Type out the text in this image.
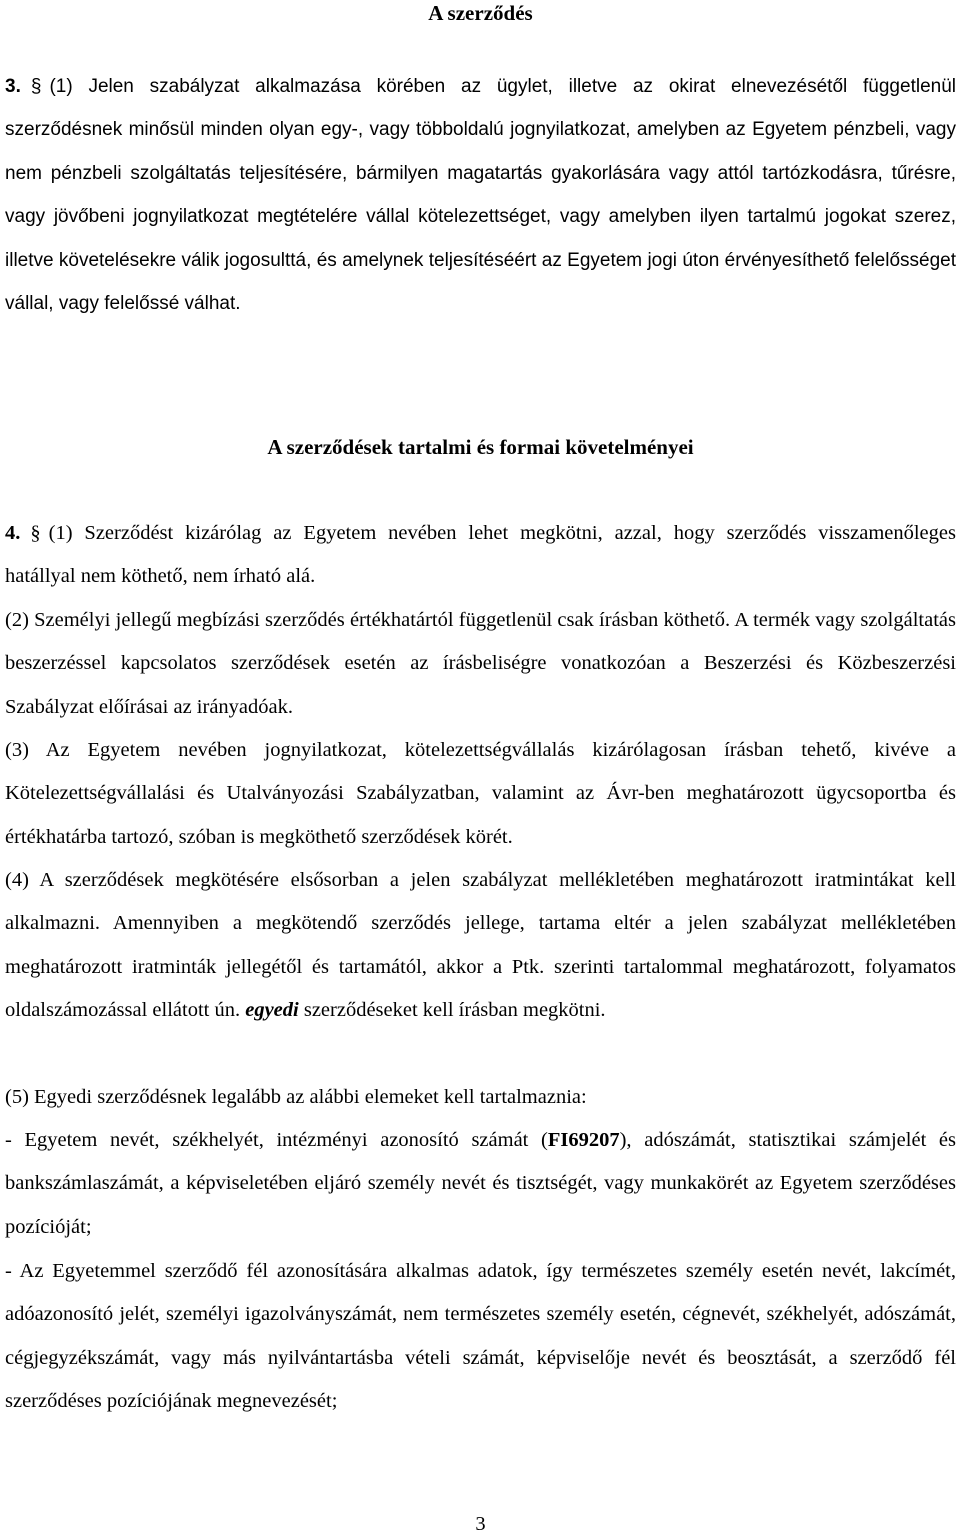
A szerződés

3. § (1) Jelen szabályzat alkalmazása körében az ügylet, illetve az okirat elnevezésétől függetlenül szerződésnek minősül minden olyan egy-, vagy többoldalú jognyilatkozat, amelyben az Egyetem pénzbeli, vagy nem pénzbeli szolgáltatás teljesítésére, bármilyen magatartás gyakorlására vagy attól tartózkodásra, tűrésre, vagy jövőbeni jognyilatkozat megtételére vállal kötelezettséget, vagy amelyben ilyen tartalmú jogokat szerez, illetve követelésekre válik jogosulttá, és amelynek teljesítéséért az Egyetem jogi úton érvényesíthető felelősséget vállal, vagy felelőssé válhat.

A szerződések tartalmi és formai követelményei

4. § (1) Szerződést kizárólag az Egyetem nevében lehet megkötni, azzal, hogy szerződés visszamenőleges hatállyal nem köthető, nem írható alá.

(2) Személyi jellegű megbízási szerződés értékhatártól függetlenül csak írásban köthető. A termék vagy szolgáltatás beszerzéssel kapcsolatos szerződések esetén az írásbeliségre vonatkozóan a Beszerzési és Közbeszerzési Szabályzat előírásai az irányadóak.

(3) Az Egyetem nevében jognyilatkozat, kötelezettségvállalás kizárólagosan írásban tehető, kivéve a Kötelezettségvállalási és Utalványozási Szabályzatban, valamint az Ávr-ben meghatározott ügycsoportba és értékhatárba tartozó, szóban is megköthető szerződések körét.

(4) A szerződések megkötésére elsősorban a jelen szabályzat mellékletében meghatározott iratmintákat kell alkalmazni. Amennyiben a megkötendő szerződés jellege, tartama eltér a jelen szabályzat mellékletében meghatározott iratminták jellegétől és tartamától, akkor a Ptk. szerinti tartalommal meghatározott, folyamatos oldalszámozással ellátott ún. egyedi szerződéseket kell írásban megkötni.

(5) Egyedi szerződésnek legalább az alábbi elemeket kell tartalmaznia:

- Egyetem nevét, székhelyét, intézményi azonosító számát (FI69207), adószámát, statisztikai számjelét és bankszámlaszámát, a képviseletében eljáró személy nevét és tisztségét, vagy munkakörét az Egyetem szerződéses pozícióját;

- Az Egyetemmel szerződő fél azonosítására alkalmas adatok, így természetes személy esetén nevét, lakcímét, adóazonosító jelét, személyi igazolványszámát, nem természetes személy esetén, cégnevét, székhelyét, adószámát, cégjegyzékszámát, vagy más nyilvántartásba vételi számát, képviselője nevét és beosztását, a szerződő fél szerződéses pozíciójának megnevezését;

3
